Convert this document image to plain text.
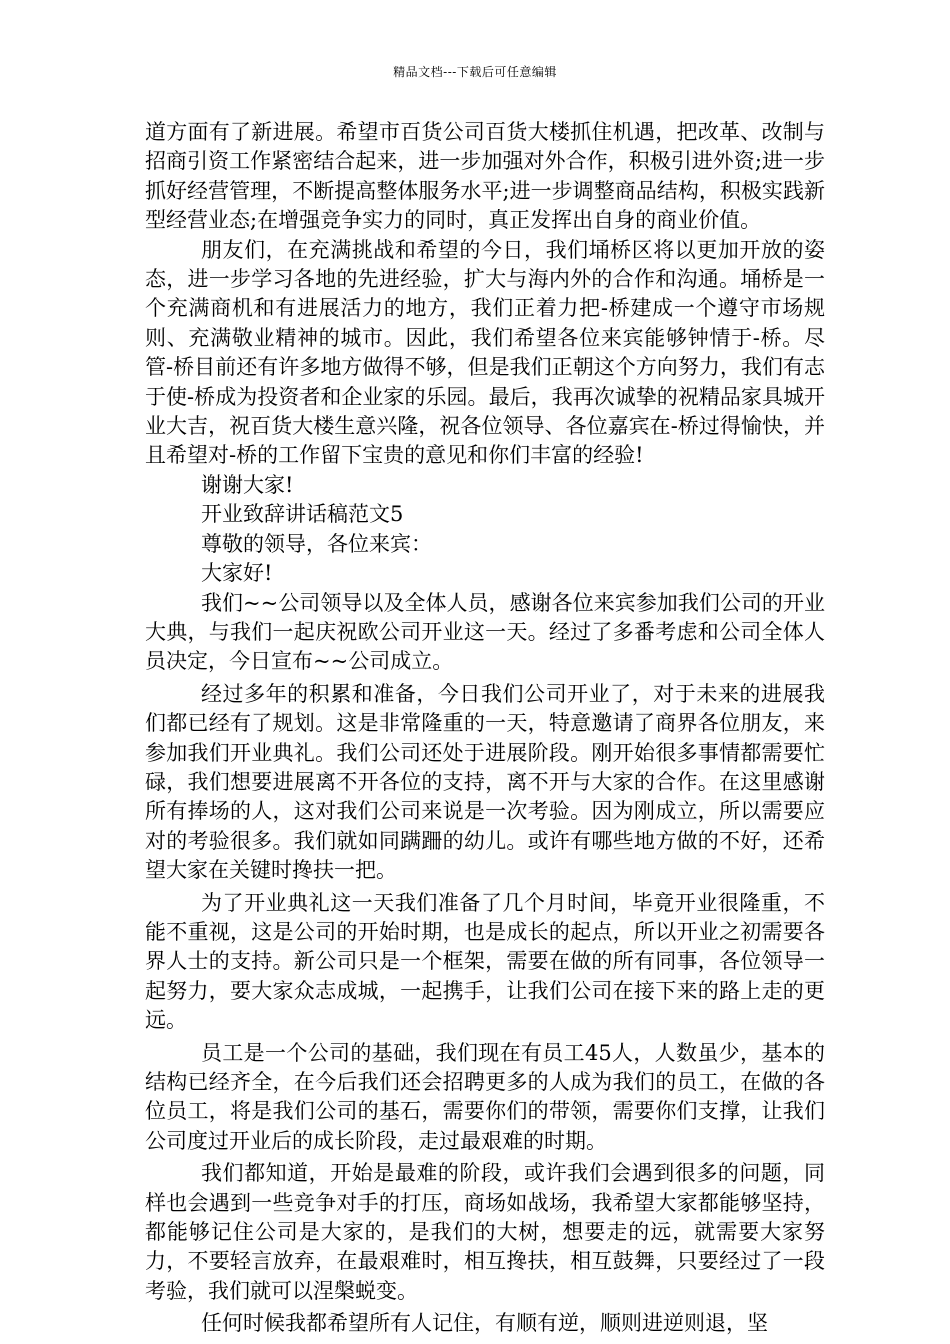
精品文档---下载后可任意编辑

道方面有了新进展。希望市百货公司百货大楼抓住机遇，把改革、改制与招商引资工作紧密结合起来，进一步加强对外合作，积极引进外资;进一步抓好经营管理，不断提高整体服务水平;进一步调整商品结构，积极实践新型经营业态;在增强竞争实力的同时，真正发挥出自身的商业价值。

朋友们，在充满挑战和希望的今日，我们埇桥区将以更加开放的姿态，进一步学习各地的先进经验，扩大与海内外的合作和沟通。埇桥是一个充满商机和有进展活力的地方，我们正着力把-桥建成一个遵守市场规则、充满敬业精神的城市。因此，我们希望各位来宾能够钟情于-桥。尽管-桥目前还有许多地方做得不够，但是我们正朝这个方向努力，我们有志于使-桥成为投资者和企业家的乐园。最后，我再次诚挚的祝精品家具城开业大吉，祝百货大楼生意兴隆，祝各位领导、各位嘉宾在-桥过得愉快，并且希望对-桥的工作留下宝贵的意见和你们丰富的经验!

谢谢大家!

开业致辞讲话稿范文5

尊敬的领导，各位来宾：

大家好!

我们~~公司领导以及全体人员，感谢各位来宾参加我们公司的开业大典，与我们一起庆祝欧公司开业这一天。经过了多番考虑和公司全体人员决定，今日宣布~~公司成立。

经过多年的积累和准备，今日我们公司开业了，对于未来的进展我们都已经有了规划。这是非常隆重的一天，特意邀请了商界各位朋友，来参加我们开业典礼。我们公司还处于进展阶段。刚开始很多事情都需要忙碌，我们想要进展离不开各位的支持，离不开与大家的合作。在这里感谢所有捧场的人，这对我们公司来说是一次考验。因为刚成立，所以需要应对的考验很多。我们就如同蹒跚的幼儿。或许有哪些地方做的不好，还希望大家在关键时搀扶一把。

为了开业典礼这一天我们准备了几个月时间，毕竟开业很隆重，不能不重视，这是公司的开始时期，也是成长的起点，所以开业之初需要各界人士的支持。新公司只是一个框架，需要在做的所有同事，各位领导一起努力，要大家众志成城，一起携手，让我们公司在接下来的路上走的更远。

员工是一个公司的基础，我们现在有员工45人，人数虽少，基本的结构已经齐全，在今后我们还会招聘更多的人成为我们的员工，在做的各位员工，将是我们公司的基石，需要你们的带领，需要你们支撑，让我们公司度过开业后的成长阶段，走过最艰难的时期。

我们都知道，开始是最难的阶段，或许我们会遇到很多的问题，同样也会遇到一些竞争对手的打压，商场如战场，我希望大家都能够坚持，都能够记住公司是大家的，是我们的大树，想要走的远，就需要大家努力，不要轻言放弃，在最艰难时，相互搀扶，相互鼓舞，只要经过了一段考验，我们就可以涅槃蜕变。

任何时候我都希望所有人记住，有顺有逆，顺则进逆则退，坚
